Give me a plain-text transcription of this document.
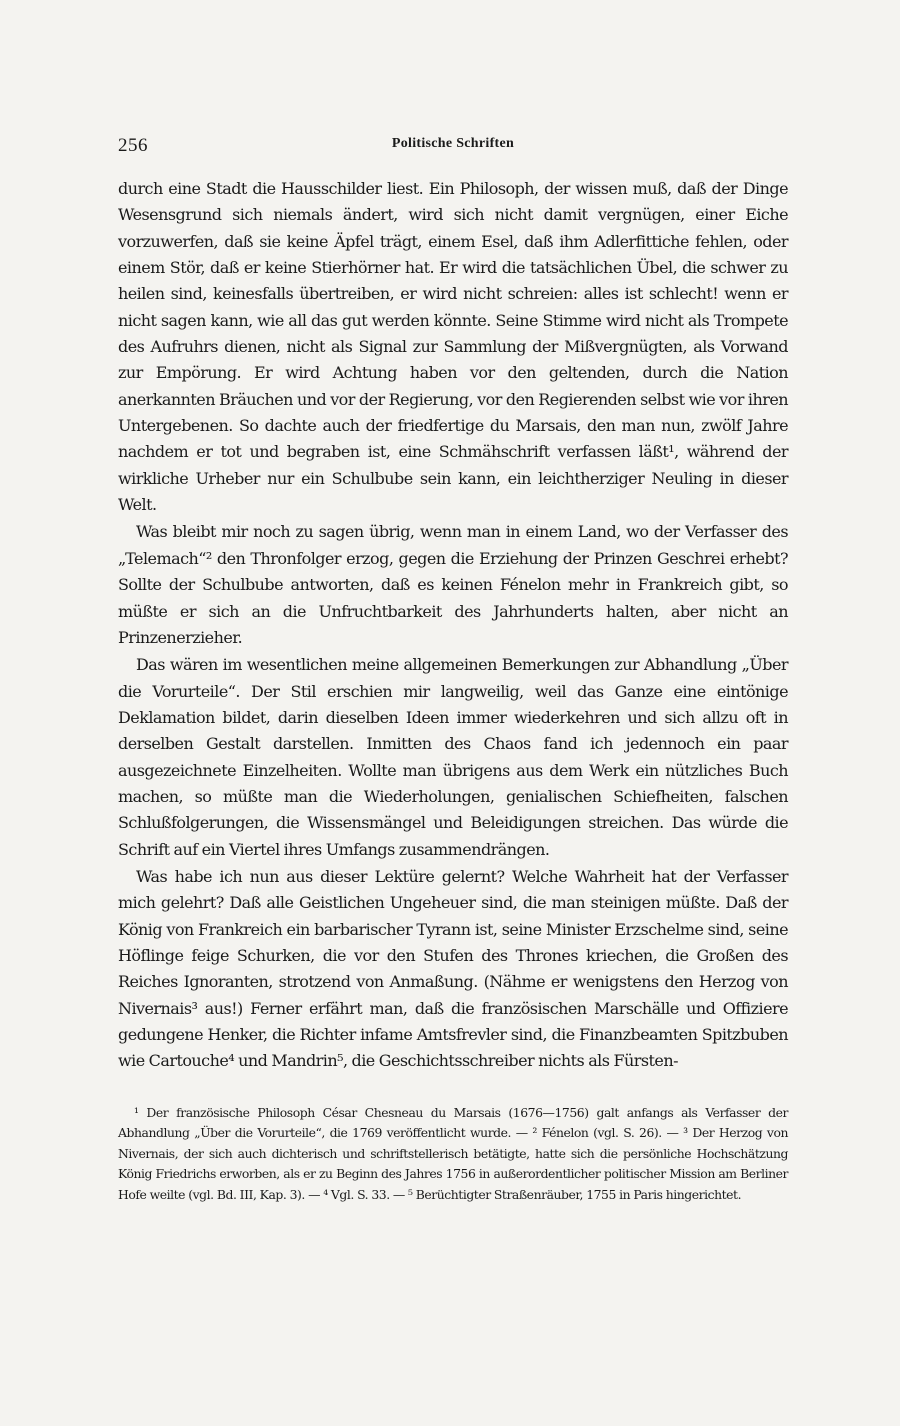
256	Politische Schriften

durch eine Stadt die Hausschilder liest. Ein Philosoph, der wissen muß, daß der Dinge Wesensgrund sich niemals ändert, wird sich nicht damit vergnügen, einer Eiche vorzuwerfen, daß sie keine Äpfel trägt, einem Esel, daß ihm Adlerfittiche fehlen, oder einem Stör, daß er keine Stierhörner hat. Er wird die tatsächlichen Übel, die schwer zu heilen sind, keinesfalls übertreiben, er wird nicht schreien: alles ist schlecht! wenn er nicht sagen kann, wie all das gut werden könnte. Seine Stimme wird nicht als Trompete des Aufruhrs dienen, nicht als Signal zur Sammlung der Mißvergnügten, als Vorwand zur Empörung. Er wird Achtung haben vor den geltenden, durch die Nation anerkannten Bräuchen und vor der Regierung, vor den Regierenden selbst wie vor ihren Untergebenen. So dachte auch der friedfertige du Marsais, den man nun, zwölf Jahre nachdem er tot und begraben ist, eine Schmähschrift verfassen läßt¹, während der wirkliche Urheber nur ein Schulbube sein kann, ein leichtherziger Neuling in dieser Welt.

Was bleibt mir noch zu sagen übrig, wenn man in einem Land, wo der Verfasser des „Telemach“² den Thronfolger erzog, gegen die Erziehung der Prinzen Geschrei erhebt? Sollte der Schulbube antworten, daß es keinen Fénelon mehr in Frankreich gibt, so müßte er sich an die Unfruchtbarkeit des Jahrhunderts halten, aber nicht an Prinzenerzieher.

Das wären im wesentlichen meine allgemeinen Bemerkungen zur Abhandlung „Über die Vorurteile“. Der Stil erschien mir langweilig, weil das Ganze eine eintönige Deklamation bildet, darin dieselben Ideen immer wiederkehren und sich allzu oft in derselben Gestalt darstellen. Inmitten des Chaos fand ich jedennoch ein paar ausgezeichnete Einzelheiten. Wollte man übrigens aus dem Werk ein nützliches Buch machen, so müßte man die Wiederholungen, genialischen Schiefheiten, falschen Schlußfolgerungen, die Wissensmängel und Beleidigungen streichen. Das würde die Schrift auf ein Viertel ihres Umfangs zusammendrängen.

Was habe ich nun aus dieser Lektüre gelernt? Welche Wahrheit hat der Verfasser mich gelehrt? Daß alle Geistlichen Ungeheuer sind, die man steinigen müßte. Daß der König von Frankreich ein barbarischer Tyrann ist, seine Minister Erzschelme sind, seine Höflinge feige Schurken, die vor den Stufen des Thrones kriechen, die Großen des Reiches Ignoranten, strotzend von Anmaßung. (Nähme er wenigstens den Herzog von Nivernais³ aus!) Ferner erfährt man, daß die französischen Marschälle und Offiziere gedungene Henker, die Richter infame Amtsfrevler sind, die Finanzbeamten Spitzbuben wie Cartouche⁴ und Mandrin⁵, die Geschichtsschreiber nichts als Fürsten-

¹ Der französische Philosoph César Chesneau du Marsais (1676—1756) galt anfangs als Verfasser der Abhandlung „Über die Vorurteile“, die 1769 veröffentlicht wurde. — ² Fénelon (vgl. S. 26). — ³ Der Herzog von Nivernais, der sich auch dichterisch und schriftstellerisch betätigte, hatte sich die persönliche Hochschätzung König Friedrichs erworben, als er zu Beginn des Jahres 1756 in außerordentlicher politischer Mission am Berliner Hofe weilte (vgl. Bd. III, Kap. 3). — ⁴ Vgl. S. 33. — ⁵ Berüchtigter Straßenräuber, 1755 in Paris hingerichtet.
